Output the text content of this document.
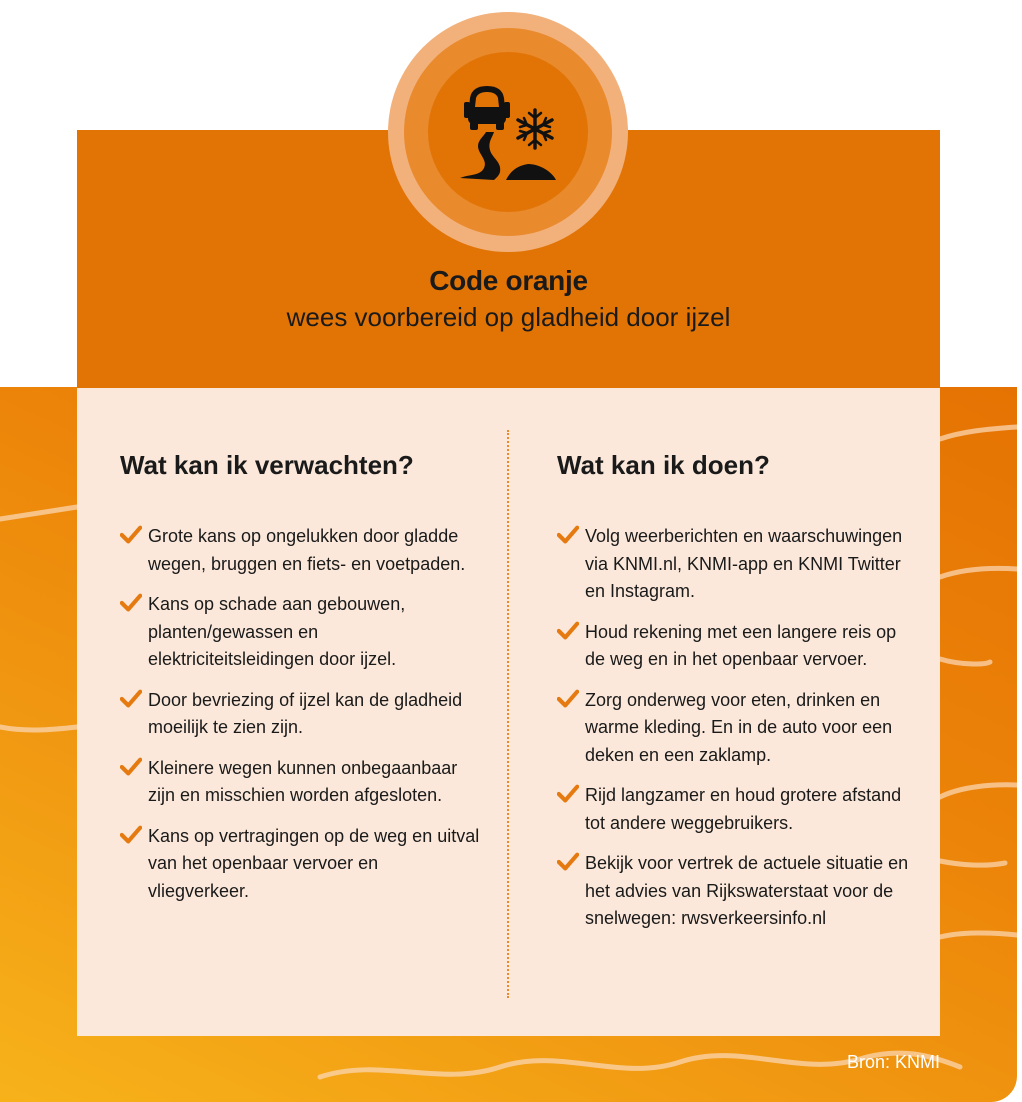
Code oranje
wees voorbereid op gladheid door ijzel
Wat kan ik verwachten?
Grote kans op ongelukken door gladde wegen, bruggen en fiets- en voetpaden.
Kans op schade aan gebouwen, planten/gewassen en elektriciteitsleidingen door ijzel.
Door bevriezing of ijzel kan de gladheid moeilijk te zien zijn.
Kleinere wegen kunnen onbegaanbaar zijn en misschien worden afgesloten.
Kans op vertragingen op de weg en uitval van het openbaar vervoer en vliegverkeer.
Wat kan ik doen?
Volg weerberichten en waarschuwingen via KNMI.nl, KNMI-app en KNMI Twitter en Instagram.
Houd rekening met een langere reis op de weg en in het openbaar vervoer.
Zorg onderweg voor eten, drinken en warme kleding. En in de auto voor een deken en een zaklamp.
Rijd langzamer en houd grotere afstand tot andere weggebruikers.
Bekijk voor vertrek de actuele situatie en het advies van Rijkswaterstaat voor de snelwegen: rwsverkeersinfo.nl
Bron: KNMI
